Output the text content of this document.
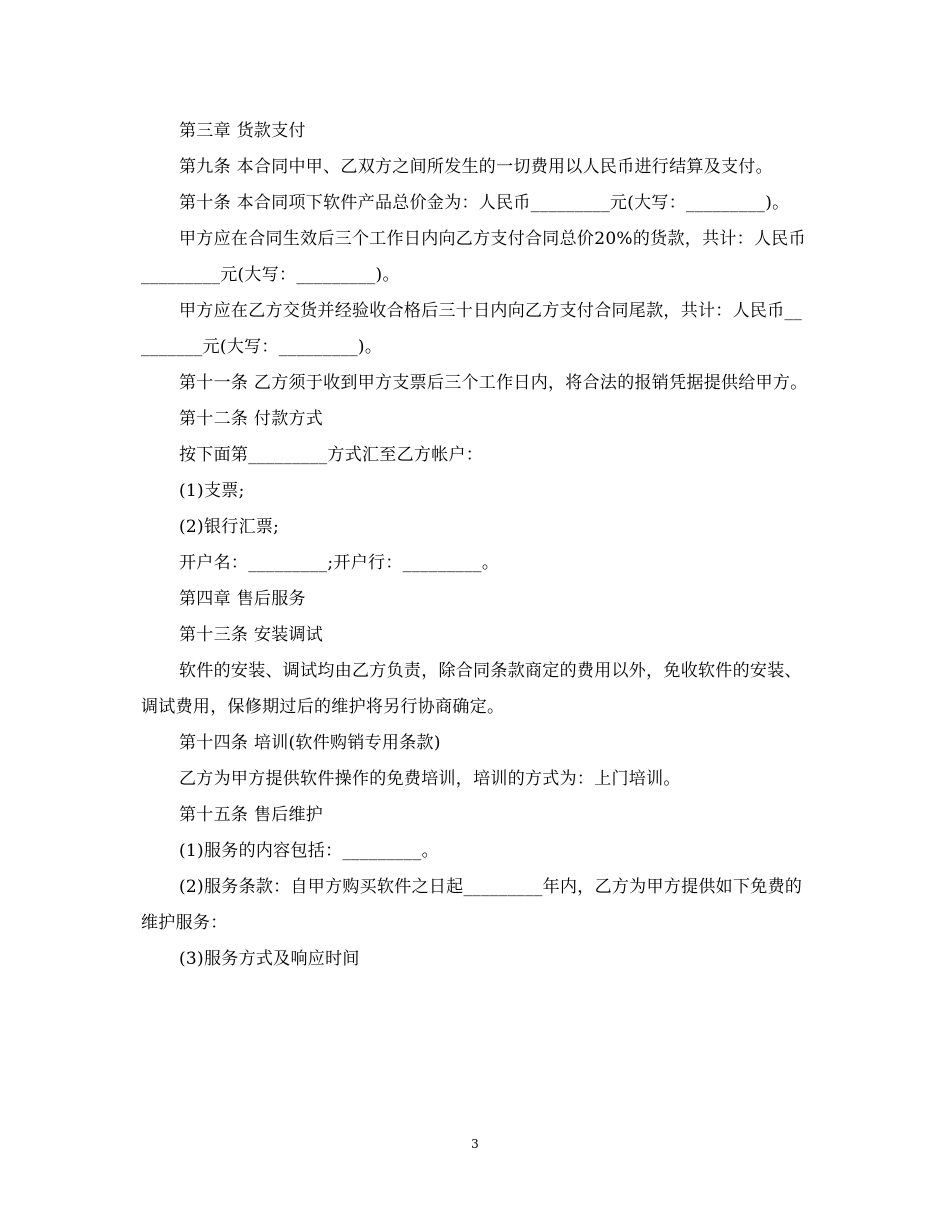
第三章 货款支付

第九条 本合同中甲、乙双方之间所发生的一切费用以人民币进行结算及支付。

第十条 本合同项下软件产品总价金为：人民币_________元(大写：_________)。

甲方应在合同生效后三个工作日内向乙方支付合同总价20%的货款，共计：人民币_________元(大写：_________)。

甲方应在乙方交货并经验收合格后三十日内向乙方支付合同尾款，共计：人民币_________元(大写：_________)。

第十一条 乙方须于收到甲方支票后三个工作日内，将合法的报销凭据提供给甲方。

第十二条 付款方式

按下面第_________方式汇至乙方帐户：

(1)支票;

(2)银行汇票;

开户名：_________;开户行：_________。

第四章 售后服务

第十三条 安装调试

软件的安装、调试均由乙方负责，除合同条款商定的费用以外，免收软件的安装、调试费用，保修期过后的维护将另行协商确定。

第十四条 培训(软件购销专用条款)

乙方为甲方提供软件操作的免费培训，培训的方式为：上门培训。

第十五条 售后维护

(1)服务的内容包括：_________。

(2)服务条款：自甲方购买软件之日起_________年内，乙方为甲方提供如下免费的维护服务：

(3)服务方式及响应时间

3
